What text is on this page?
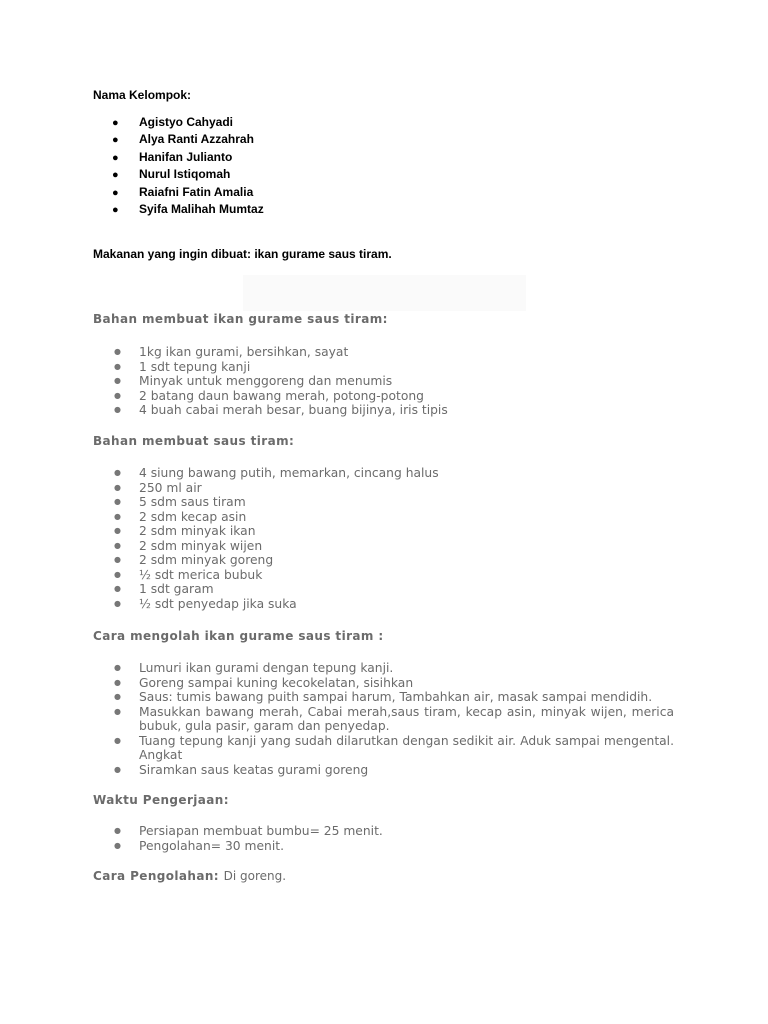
Nama Kelompok:
● Agistyo Cahyadi
● Alya Ranti Azzahrah
● Hanifan Julianto
● Nurul Istiqomah
● Raiafni Fatin Amalia
● Syifa Malihah Mumtaz
Makanan yang ingin dibuat: ikan gurame saus tiram.
Bahan membuat ikan gurame saus tiram:
● 1kg ikan gurami, bersihkan, sayat
● 1 sdt tepung kanji
● Minyak untuk menggoreng dan menumis
● 2 batang daun bawang merah, potong-potong
● 4 buah cabai merah besar, buang bijinya, iris tipis
Bahan membuat saus tiram:
● 4 siung bawang putih, memarkan, cincang halus
● 250 ml air
● 5 sdm saus tiram
● 2 sdm kecap asin
● 2 sdm minyak ikan
● 2 sdm minyak wijen
● 2 sdm minyak goreng
● ½ sdt merica bubuk
● 1 sdt garam
● ½ sdt penyedap jika suka
Cara mengolah ikan gurame saus tiram :
● Lumuri ikan gurami dengan tepung kanji.
● Goreng sampai kuning kecokelatan, sisihkan
● Saus: tumis bawang puith sampai harum, Tambahkan air, masak sampai mendidih.
● Masukkan bawang merah, Cabai merah,saus tiram, kecap asin, minyak wijen, merica bubuk, gula pasir, garam dan penyedap.
● Tuang tepung kanji yang sudah dilarutkan dengan sedikit air. Aduk sampai mengental. Angkat
● Siramkan saus keatas gurami goreng
Waktu Pengerjaan:
● Persiapan membuat bumbu= 25 menit.
● Pengolahan= 30 menit.
Cara Pengolahan: Di goreng.
